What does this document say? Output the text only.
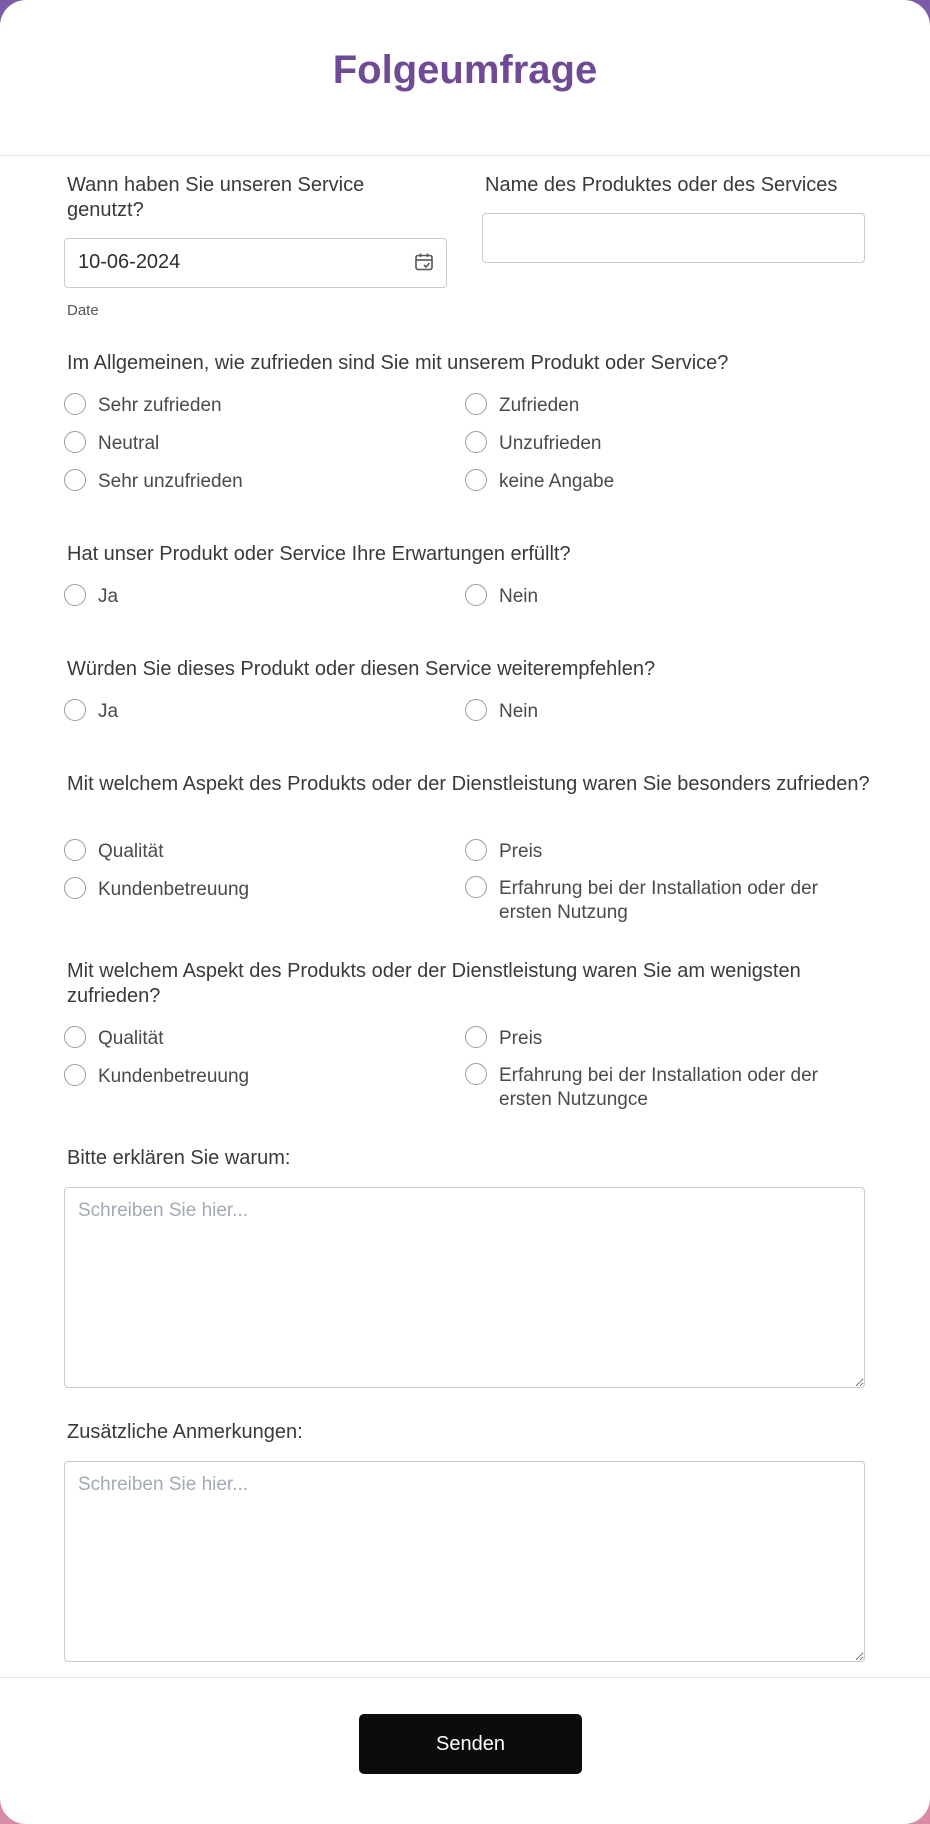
Folgeumfrage
Wann haben Sie unseren Service genutzt?
10-06-2024
Date
Name des Produktes oder des Services
Im Allgemeinen, wie zufrieden sind Sie mit unserem Produkt oder Service?
Sehr zufrieden	Zufrieden
Neutral	Unzufrieden
Sehr unzufrieden	keine Angabe
Hat unser Produkt oder Service Ihre Erwartungen erfüllt?
Ja	Nein
Würden Sie dieses Produkt oder diesen Service weiterempfehlen?
Ja	Nein
Mit welchem Aspekt des Produkts oder der Dienstleistung waren Sie besonders zufrieden?
Qualität	Preis
Kundenbetreuung	Erfahrung bei der Installation oder der ersten Nutzung
Mit welchem Aspekt des Produkts oder der Dienstleistung waren Sie am wenigsten zufrieden?
Qualität	Preis
Kundenbetreuung	Erfahrung bei der Installation oder der ersten Nutzungce
Bitte erklären Sie warum:
Schreiben Sie hier...
Zusätzliche Anmerkungen:
Schreiben Sie hier...
Senden
